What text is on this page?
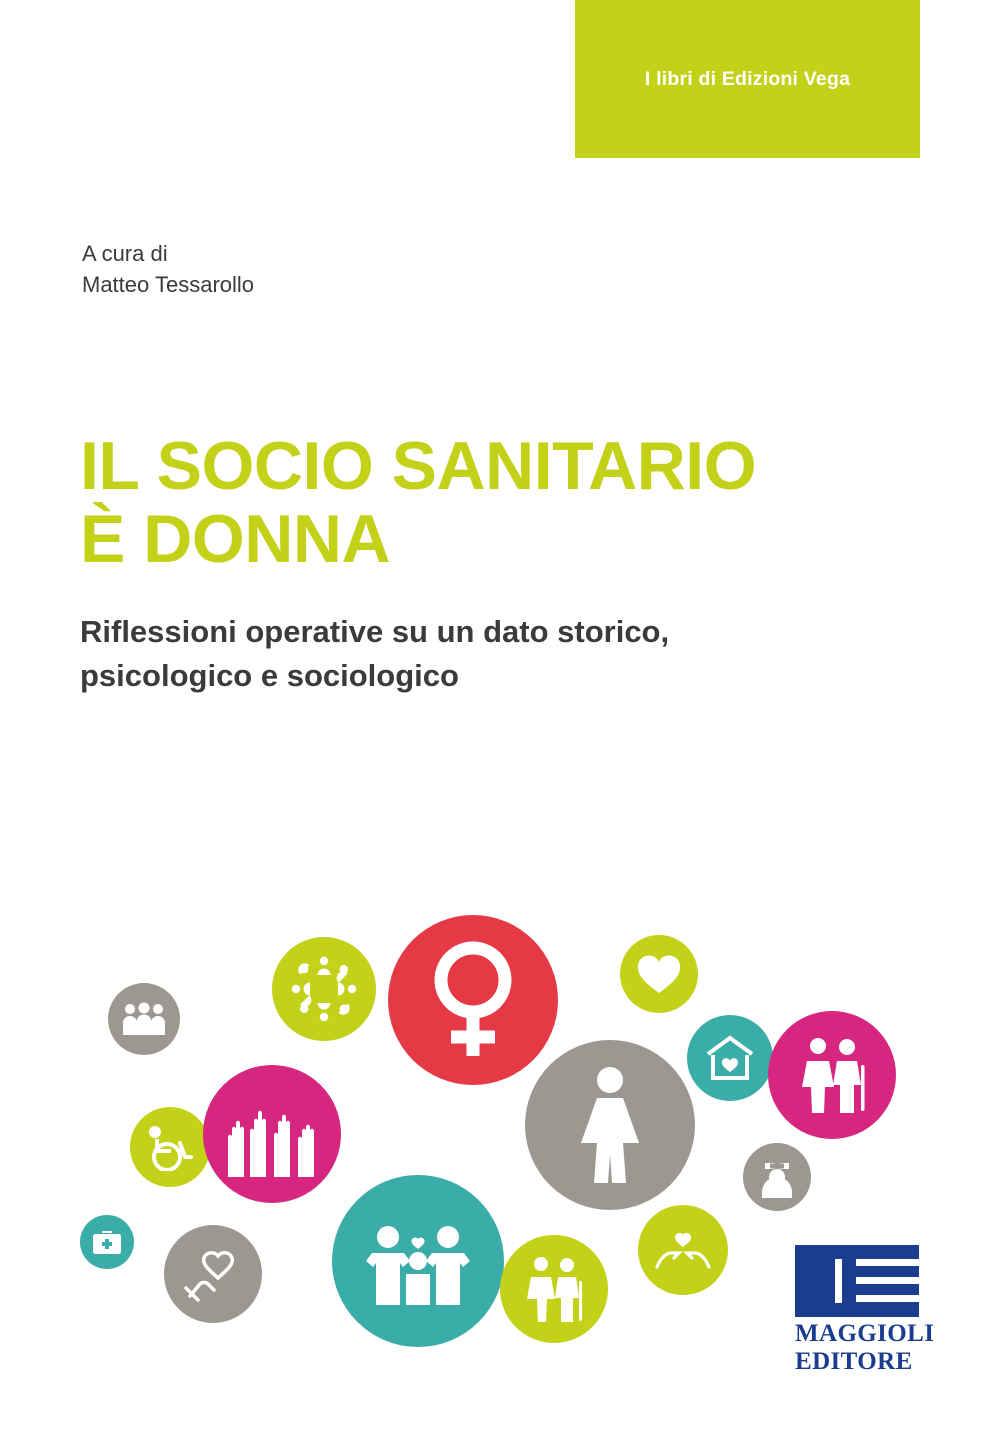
I libri di Edizioni Vega
A cura di
Matteo Tessarollo
IL SOCIO SANITARIO
È DONNA

Riflessioni operative su un dato storico,
psicologico e sociologico

MAGGIOLI
EDITORE
